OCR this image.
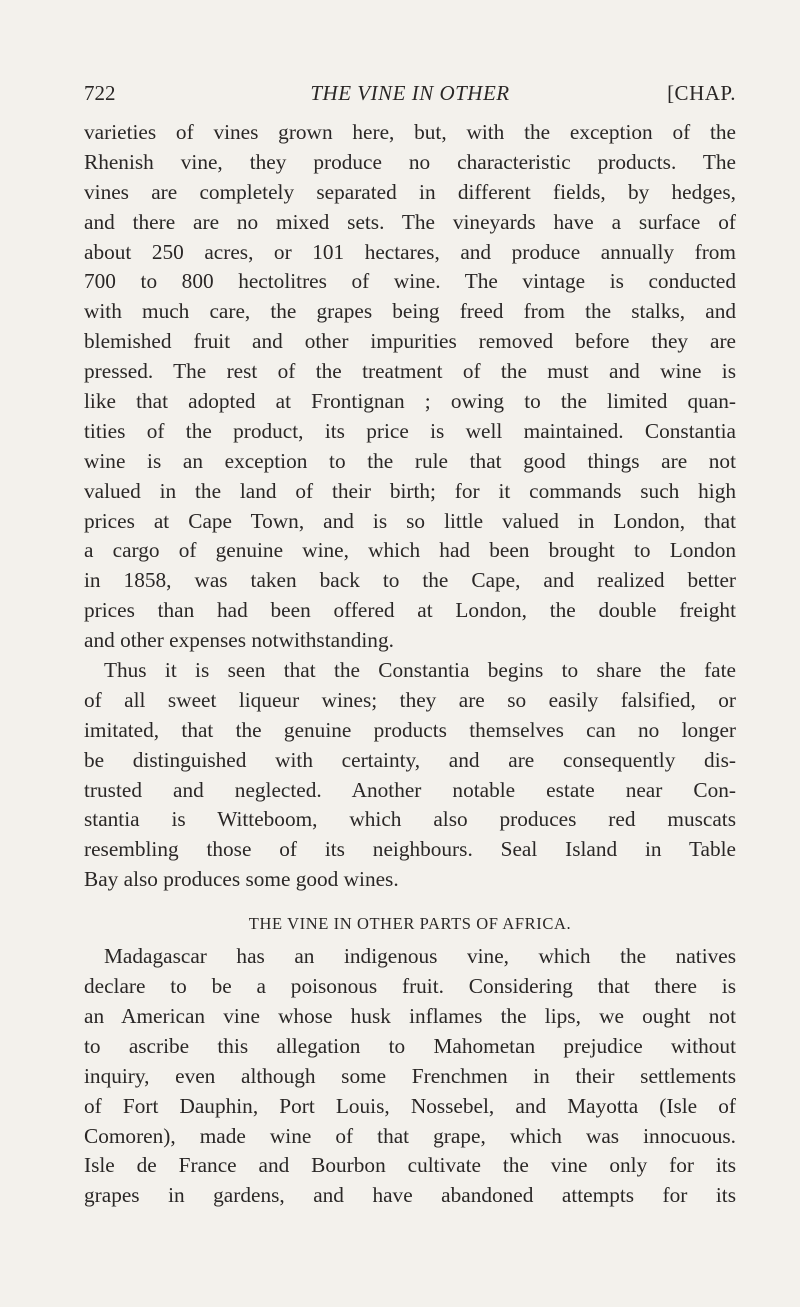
722	THE VINE IN OTHER	[CHAP.
varieties of vines grown here, but, with the exception of the
Rhenish vine, they produce no characteristic products. The
vines are completely separated in different fields, by hedges,
and there are no mixed sets. The vineyards have a surface of
about 250 acres, or 101 hectares, and produce annually from
700 to 800 hectolitres of wine. The vintage is conducted
with much care, the grapes being freed from the stalks, and
blemished fruit and other impurities removed before they are
pressed. The rest of the treatment of the must and wine is
like that adopted at Frontignan ; owing to the limited quan-
tities of the product, its price is well maintained. Constantia
wine is an exception to the rule that good things are not
valued in the land of their birth; for it commands such high
prices at Cape Town, and is so little valued in London, that
a cargo of genuine wine, which had been brought to London
in 1858, was taken back to the Cape, and realized better
prices than had been offered at London, the double freight
and other expenses notwithstanding.
Thus it is seen that the Constantia begins to share the fate
of all sweet liqueur wines; they are so easily falsified, or
imitated, that the genuine products themselves can no longer
be distinguished with certainty, and are consequently dis-
trusted and neglected. Another notable estate near Con-
stantia is Witteboom, which also produces red muscats
resembling those of its neighbours. Seal Island in Table
Bay also produces some good wines.
THE VINE IN OTHER PARTS OF AFRICA.
Madagascar has an indigenous vine, which the natives
declare to be a poisonous fruit. Considering that there is
an American vine whose husk inflames the lips, we ought not
to ascribe this allegation to Mahometan prejudice without
inquiry, even although some Frenchmen in their settlements
of Fort Dauphin, Port Louis, Nossebel, and Mayotta (Isle of
Comoren), made wine of that grape, which was innocuous.
Isle de France and Bourbon cultivate the vine only for its
grapes in gardens, and have abandoned attempts for its
